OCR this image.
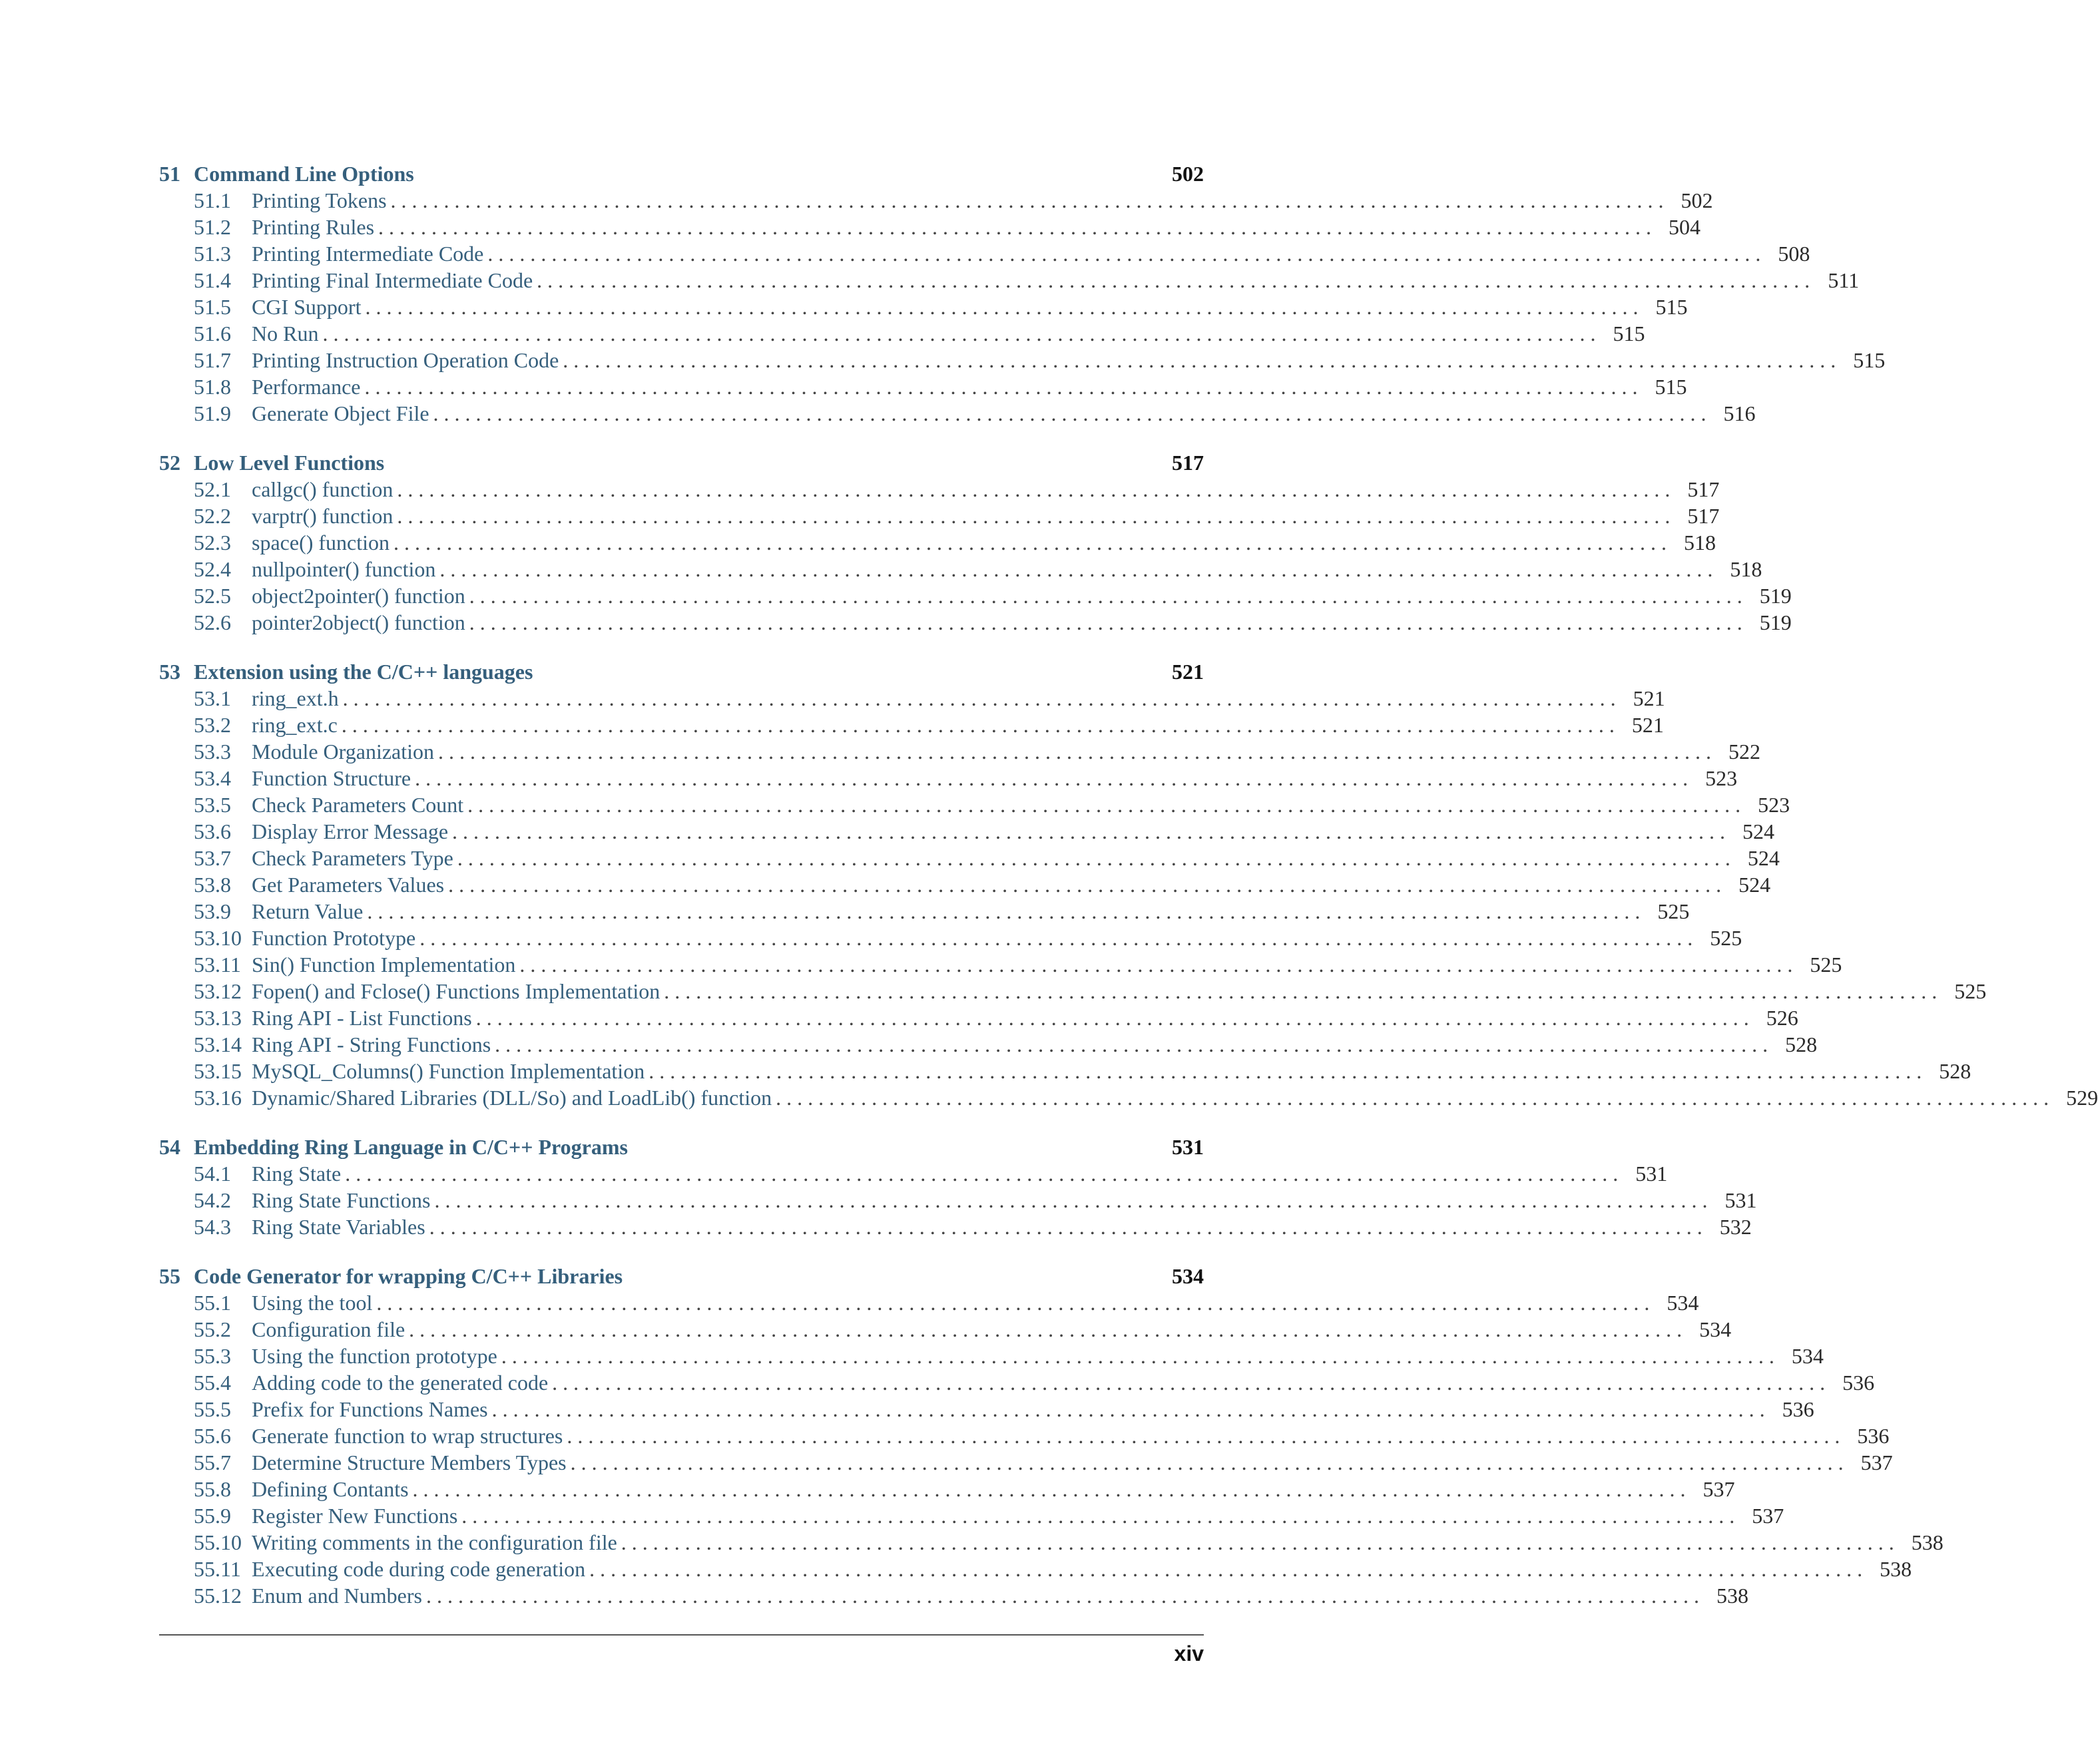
51 Command Line Options	502
51.1 Printing Tokens . . . . . . . . . . . . . . . . . . . . . . . . . . . . . . . . . . . . . . . . . . . . . . . . . . . . . . . . . . . . . . . . . . . . . . . . . . . . . . . . . . . . . . . . . . . . . . . . . . . . . . . . . . . . . . . . . . . . . . . . 502
51.2 Printing Rules . . . . . . . . . . . . . . . . . . . . . . . . . . . . . . . . . . . . . . . . . . . . . . . . . . . . . . . . . . . . . . . . . . . . . . . . . . . . . . . . . . . . . . . . . . . . . . . . . . . . . . . . . . . . . . . . . . . . . . . . 504
51.3 Printing Intermediate Code . . . . . . . . . . . . . . . . . . . . . . . . . . . . . . . . . . . . . . . . . . . . . . . . . . . . . . . . . . . . . . . . . . . . . . . . . . . . . . . . . . . . . . . . . . . . . . . . . . . . . . . . . . . . . . . . . . . . . . . . 508
51.4 Printing Final Intermediate Code . . . . . . . . . . . . . . . . . . . . . . . . . . . . . . . . . . . . . . . . . . . . . . . . . . . . . . . . . . . . . . . . . . . . . . . . . . . . . . . . . . . . . . . . . . . . . . . . . . . . . . . . . . . . . . . . . . . . . . . . 511
51.5 CGI Support . . . . . . . . . . . . . . . . . . . . . . . . . . . . . . . . . . . . . . . . . . . . . . . . . . . . . . . . . . . . . . . . . . . . . . . . . . . . . . . . . . . . . . . . . . . . . . . . . . . . . . . . . . . . . . . . . . . . . . . . 515
51.6 No Run . . . . . . . . . . . . . . . . . . . . . . . . . . . . . . . . . . . . . . . . . . . . . . . . . . . . . . . . . . . . . . . . . . . . . . . . . . . . . . . . . . . . . . . . . . . . . . . . . . . . . . . . . . . . . . . . . . . . . . . . 515
51.7 Printing Instruction Operation Code . . . . . . . . . . . . . . . . . . . . . . . . . . . . . . . . . . . . . . . . . . . . . . . . . . . . . . . . . . . . . . . . . . . . . . . . . . . . . . . . . . . . . . . . . . . . . . . . . . . . . . . . . . . . . . . . . . . . . . . . 515
51.8 Performance . . . . . . . . . . . . . . . . . . . . . . . . . . . . . . . . . . . . . . . . . . . . . . . . . . . . . . . . . . . . . . . . . . . . . . . . . . . . . . . . . . . . . . . . . . . . . . . . . . . . . . . . . . . . . . . . . . . . . . . . 515
51.9 Generate Object File . . . . . . . . . . . . . . . . . . . . . . . . . . . . . . . . . . . . . . . . . . . . . . . . . . . . . . . . . . . . . . . . . . . . . . . . . . . . . . . . . . . . . . . . . . . . . . . . . . . . . . . . . . . . . . . . . . . . . . . . 516
52 Low Level Functions	517
52.1 callgc() function . . . . . . . . . . . . . . . . . . . . . . . . . . . . . . . . . . . . . . . . . . . . . . . . . . . . . . . . . . . . . . . . . . . . . . . . . . . . . . . . . . . . . . . . . . . . . . . . . . . . . . . . . . . . . . . . . . . . . . . . 517
52.2 varptr() function . . . . . . . . . . . . . . . . . . . . . . . . . . . . . . . . . . . . . . . . . . . . . . . . . . . . . . . . . . . . . . . . . . . . . . . . . . . . . . . . . . . . . . . . . . . . . . . . . . . . . . . . . . . . . . . . . . . . . . . . 517
52.3 space() function . . . . . . . . . . . . . . . . . . . . . . . . . . . . . . . . . . . . . . . . . . . . . . . . . . . . . . . . . . . . . . . . . . . . . . . . . . . . . . . . . . . . . . . . . . . . . . . . . . . . . . . . . . . . . . . . . . . . . . . . 518
52.4 nullpointer() function . . . . . . . . . . . . . . . . . . . . . . . . . . . . . . . . . . . . . . . . . . . . . . . . . . . . . . . . . . . . . . . . . . . . . . . . . . . . . . . . . . . . . . . . . . . . . . . . . . . . . . . . . . . . . . . . . . . . . . . . 518
52.5 object2pointer() function . . . . . . . . . . . . . . . . . . . . . . . . . . . . . . . . . . . . . . . . . . . . . . . . . . . . . . . . . . . . . . . . . . . . . . . . . . . . . . . . . . . . . . . . . . . . . . . . . . . . . . . . . . . . . . . . . . . . . . . . 519
52.6 pointer2object() function . . . . . . . . . . . . . . . . . . . . . . . . . . . . . . . . . . . . . . . . . . . . . . . . . . . . . . . . . . . . . . . . . . . . . . . . . . . . . . . . . . . . . . . . . . . . . . . . . . . . . . . . . . . . . . . . . . . . . . . . 519
53 Extension using the C/C++ languages	521
53.1 ring_ext.h . . . . . . . . . . . . . . . . . . . . . . . . . . . . . . . . . . . . . . . . . . . . . . . . . . . . . . . . . . . . . . . . . . . . . . . . . . . . . . . . . . . . . . . . . . . . . . . . . . . . . . . . . . . . . . . . . . . . . . . . 521
53.2 ring_ext.c . . . . . . . . . . . . . . . . . . . . . . . . . . . . . . . . . . . . . . . . . . . . . . . . . . . . . . . . . . . . . . . . . . . . . . . . . . . . . . . . . . . . . . . . . . . . . . . . . . . . . . . . . . . . . . . . . . . . . . . . 521
53.3 Module Organization . . . . . . . . . . . . . . . . . . . . . . . . . . . . . . . . . . . . . . . . . . . . . . . . . . . . . . . . . . . . . . . . . . . . . . . . . . . . . . . . . . . . . . . . . . . . . . . . . . . . . . . . . . . . . . . . . . . . . . . . 522
53.4 Function Structure . . . . . . . . . . . . . . . . . . . . . . . . . . . . . . . . . . . . . . . . . . . . . . . . . . . . . . . . . . . . . . . . . . . . . . . . . . . . . . . . . . . . . . . . . . . . . . . . . . . . . . . . . . . . . . . . . . . . . . . . 523
53.5 Check Parameters Count . . . . . . . . . . . . . . . . . . . . . . . . . . . . . . . . . . . . . . . . . . . . . . . . . . . . . . . . . . . . . . . . . . . . . . . . . . . . . . . . . . . . . . . . . . . . . . . . . . . . . . . . . . . . . . . . . . . . . . . . 523
53.6 Display Error Message . . . . . . . . . . . . . . . . . . . . . . . . . . . . . . . . . . . . . . . . . . . . . . . . . . . . . . . . . . . . . . . . . . . . . . . . . . . . . . . . . . . . . . . . . . . . . . . . . . . . . . . . . . . . . . . . . . . . . . . . 524
53.7 Check Parameters Type . . . . . . . . . . . . . . . . . . . . . . . . . . . . . . . . . . . . . . . . . . . . . . . . . . . . . . . . . . . . . . . . . . . . . . . . . . . . . . . . . . . . . . . . . . . . . . . . . . . . . . . . . . . . . . . . . . . . . . . . 524
53.8 Get Parameters Values . . . . . . . . . . . . . . . . . . . . . . . . . . . . . . . . . . . . . . . . . . . . . . . . . . . . . . . . . . . . . . . . . . . . . . . . . . . . . . . . . . . . . . . . . . . . . . . . . . . . . . . . . . . . . . . . . . . . . . . . 524
53.9 Return Value . . . . . . . . . . . . . . . . . . . . . . . . . . . . . . . . . . . . . . . . . . . . . . . . . . . . . . . . . . . . . . . . . . . . . . . . . . . . . . . . . . . . . . . . . . . . . . . . . . . . . . . . . . . . . . . . . . . . . . . . 525
53.10 Function Prototype . . . . . . . . . . . . . . . . . . . . . . . . . . . . . . . . . . . . . . . . . . . . . . . . . . . . . . . . . . . . . . . . . . . . . . . . . . . . . . . . . . . . . . . . . . . . . . . . . . . . . . . . . . . . . . . . . . . . . . . . 525
53.11 Sin() Function Implementation . . . . . . . . . . . . . . . . . . . . . . . . . . . . . . . . . . . . . . . . . . . . . . . . . . . . . . . . . . . . . . . . . . . . . . . . . . . . . . . . . . . . . . . . . . . . . . . . . . . . . . . . . . . . . . . . . . . . . . . . 525
53.12 Fopen() and Fclose() Functions Implementation . . . . . . . . . . . . . . . . . . . . . . . . . . . . . . . . . . . . . . . . . . . . . . . . . . . . . . . . . . . . . . . . . . . . . . . . . . . . . . . . . . . . . . . . . . . . . . . . . . . . . . . . . . . . . . . . . . . . . . . . 525
53.13 Ring API - List Functions . . . . . . . . . . . . . . . . . . . . . . . . . . . . . . . . . . . . . . . . . . . . . . . . . . . . . . . . . . . . . . . . . . . . . . . . . . . . . . . . . . . . . . . . . . . . . . . . . . . . . . . . . . . . . . . . . . . . . . . . 526
53.14 Ring API - String Functions . . . . . . . . . . . . . . . . . . . . . . . . . . . . . . . . . . . . . . . . . . . . . . . . . . . . . . . . . . . . . . . . . . . . . . . . . . . . . . . . . . . . . . . . . . . . . . . . . . . . . . . . . . . . . . . . . . . . . . . . 528
53.15 MySQL_Columns() Function Implementation . . . . . . . . . . . . . . . . . . . . . . . . . . . . . . . . . . . . . . . . . . . . . . . . . . . . . . . . . . . . . . . . . . . . . . . . . . . . . . . . . . . . . . . . . . . . . . . . . . . . . . . . . . . . . . . . . . . . . . . . 528
53.16 Dynamic/Shared Libraries (DLL/So) and LoadLib() function . . . . . . . . . . . . . . . . . . . . . . . . . . . . . . . . . . . . . . . . . . . . . . . . . . . . . . . . . . . . . . . . . . . . . . . . . . . . . . . . . . . . . . . . . . . . . . . . . . . . . . . . . . . . . . . . . . . . . . . . 529
54 Embedding Ring Language in C/C++ Programs	531
54.1 Ring State . . . . . . . . . . . . . . . . . . . . . . . . . . . . . . . . . . . . . . . . . . . . . . . . . . . . . . . . . . . . . . . . . . . . . . . . . . . . . . . . . . . . . . . . . . . . . . . . . . . . . . . . . . . . . . . . . . . . . . . . 531
54.2 Ring State Functions . . . . . . . . . . . . . . . . . . . . . . . . . . . . . . . . . . . . . . . . . . . . . . . . . . . . . . . . . . . . . . . . . . . . . . . . . . . . . . . . . . . . . . . . . . . . . . . . . . . . . . . . . . . . . . . . . . . . . . . . 531
54.3 Ring State Variables . . . . . . . . . . . . . . . . . . . . . . . . . . . . . . . . . . . . . . . . . . . . . . . . . . . . . . . . . . . . . . . . . . . . . . . . . . . . . . . . . . . . . . . . . . . . . . . . . . . . . . . . . . . . . . . . . . . . . . . . 532
55 Code Generator for wrapping C/C++ Libraries	534
55.1 Using the tool . . . . . . . . . . . . . . . . . . . . . . . . . . . . . . . . . . . . . . . . . . . . . . . . . . . . . . . . . . . . . . . . . . . . . . . . . . . . . . . . . . . . . . . . . . . . . . . . . . . . . . . . . . . . . . . . . . . . . . . . 534
55.2 Configuration file . . . . . . . . . . . . . . . . . . . . . . . . . . . . . . . . . . . . . . . . . . . . . . . . . . . . . . . . . . . . . . . . . . . . . . . . . . . . . . . . . . . . . . . . . . . . . . . . . . . . . . . . . . . . . . . . . . . . . . . . 534
55.3 Using the function prototype . . . . . . . . . . . . . . . . . . . . . . . . . . . . . . . . . . . . . . . . . . . . . . . . . . . . . . . . . . . . . . . . . . . . . . . . . . . . . . . . . . . . . . . . . . . . . . . . . . . . . . . . . . . . . . . . . . . . . . . . 534
55.4 Adding code to the generated code . . . . . . . . . . . . . . . . . . . . . . . . . . . . . . . . . . . . . . . . . . . . . . . . . . . . . . . . . . . . . . . . . . . . . . . . . . . . . . . . . . . . . . . . . . . . . . . . . . . . . . . . . . . . . . . . . . . . . . . . 536
55.5 Prefix for Functions Names . . . . . . . . . . . . . . . . . . . . . . . . . . . . . . . . . . . . . . . . . . . . . . . . . . . . . . . . . . . . . . . . . . . . . . . . . . . . . . . . . . . . . . . . . . . . . . . . . . . . . . . . . . . . . . . . . . . . . . . . 536
55.6 Generate function to wrap structures . . . . . . . . . . . . . . . . . . . . . . . . . . . . . . . . . . . . . . . . . . . . . . . . . . . . . . . . . . . . . . . . . . . . . . . . . . . . . . . . . . . . . . . . . . . . . . . . . . . . . . . . . . . . . . . . . . . . . . . . 536
55.7 Determine Structure Members Types . . . . . . . . . . . . . . . . . . . . . . . . . . . . . . . . . . . . . . . . . . . . . . . . . . . . . . . . . . . . . . . . . . . . . . . . . . . . . . . . . . . . . . . . . . . . . . . . . . . . . . . . . . . . . . . . . . . . . . . . 537
55.8 Defining Contants . . . . . . . . . . . . . . . . . . . . . . . . . . . . . . . . . . . . . . . . . . . . . . . . . . . . . . . . . . . . . . . . . . . . . . . . . . . . . . . . . . . . . . . . . . . . . . . . . . . . . . . . . . . . . . . . . . . . . . . . 537
55.9 Register New Functions . . . . . . . . . . . . . . . . . . . . . . . . . . . . . . . . . . . . . . . . . . . . . . . . . . . . . . . . . . . . . . . . . . . . . . . . . . . . . . . . . . . . . . . . . . . . . . . . . . . . . . . . . . . . . . . . . . . . . . . . 537
55.10 Writing comments in the configuration file . . . . . . . . . . . . . . . . . . . . . . . . . . . . . . . . . . . . . . . . . . . . . . . . . . . . . . . . . . . . . . . . . . . . . . . . . . . . . . . . . . . . . . . . . . . . . . . . . . . . . . . . . . . . . . . . . . . . . . . . 538
55.11 Executing code during code generation . . . . . . . . . . . . . . . . . . . . . . . . . . . . . . . . . . . . . . . . . . . . . . . . . . . . . . . . . . . . . . . . . . . . . . . . . . . . . . . . . . . . . . . . . . . . . . . . . . . . . . . . . . . . . . . . . . . . . . . . 538
55.12 Enum and Numbers . . . . . . . . . . . . . . . . . . . . . . . . . . . . . . . . . . . . . . . . . . . . . . . . . . . . . . . . . . . . . . . . . . . . . . . . . . . . . . . . . . . . . . . . . . . . . . . . . . . . . . . . . . . . . . . . . . . . . . . . 538
xiv
